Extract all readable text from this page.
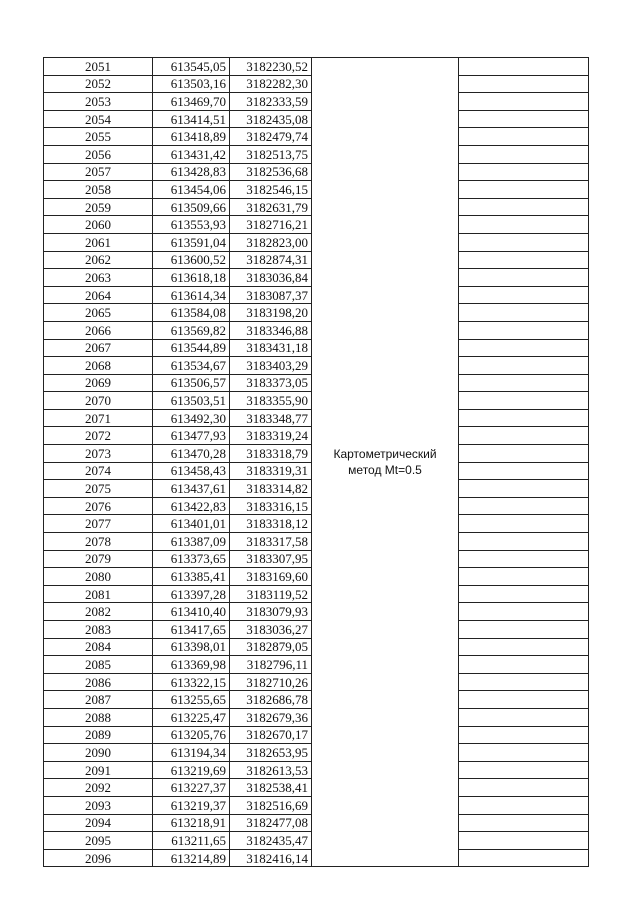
2051	613545,05	3182230,52	Картометрический
метод Mt=0.5	

2052	613503,16	3182282,30		
2053	613469,70	3182333,59		
2054	613414,51	3182435,08		
2055	613418,89	3182479,74		
2056	613431,42	3182513,75		
2057	613428,83	3182536,68		
2058	613454,06	3182546,15		
2059	613509,66	3182631,79		
2060	613553,93	3182716,21		
2061	613591,04	3182823,00		
2062	613600,52	3182874,31		
2063	613618,18	3183036,84		
2064	613614,34	3183087,37		
2065	613584,08	3183198,20		
2066	613569,82	3183346,88		
2067	613544,89	3183431,18		
2068	613534,67	3183403,29		
2069	613506,57	3183373,05		
2070	613503,51	3183355,90		
2071	613492,30	3183348,77		
2072	613477,93	3183319,24		
2073	613470,28	3183318,79		
2074	613458,43	3183319,31		
2075	613437,61	3183314,82		
2076	613422,83	3183316,15		
2077	613401,01	3183318,12		
2078	613387,09	3183317,58		
2079	613373,65	3183307,95		
2080	613385,41	3183169,60		
2081	613397,28	3183119,52		
2082	613410,40	3183079,93		
2083	613417,65	3183036,27		
2084	613398,01	3182879,05		
2085	613369,98	3182796,11		
2086	613322,15	3182710,26		
2087	613255,65	3182686,78		
2088	613225,47	3182679,36		
2089	613205,76	3182670,17		
2090	613194,34	3182653,95		
2091	613219,69	3182613,53		
2092	613227,37	3182538,41		
2093	613219,37	3182516,69		
2094	613218,91	3182477,08		
2095	613211,65	3182435,47		
2096	613214,89	3182416,14		
